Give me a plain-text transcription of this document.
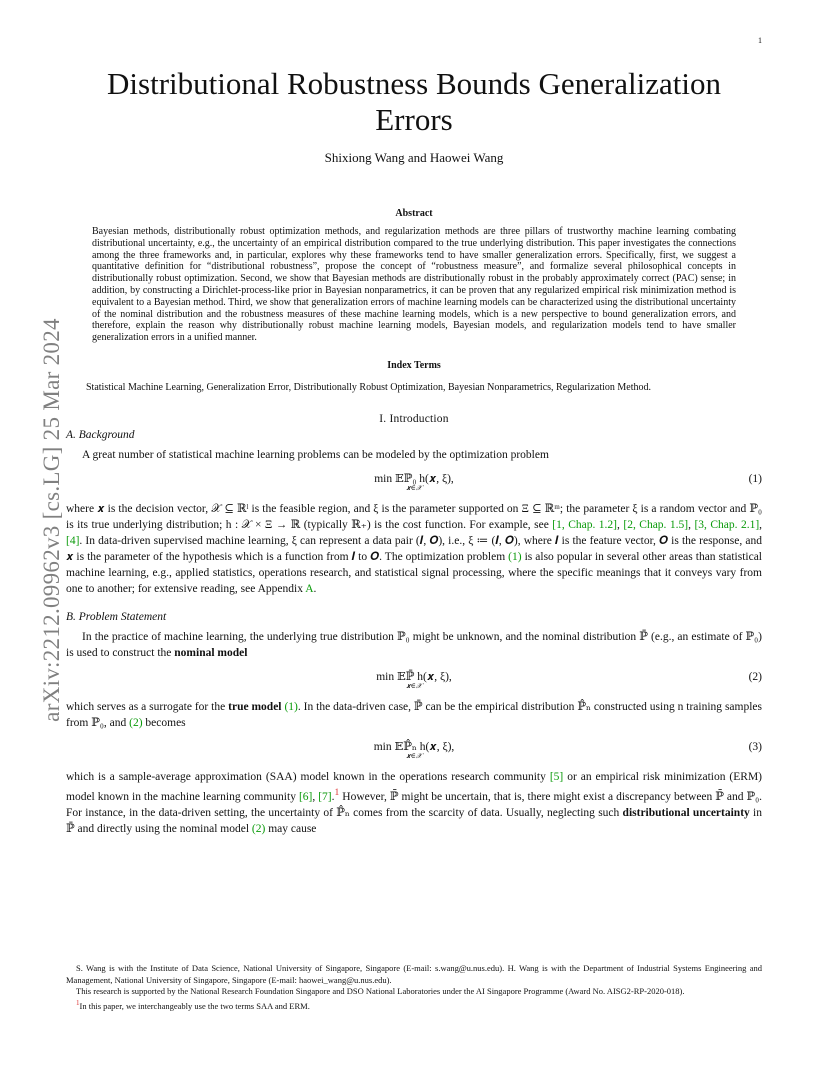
1
arXiv:2212.09962v3 [cs.LG] 25 Mar 2024
Distributional Robustness Bounds Generalization Errors
Shixiong Wang and Haowei Wang
Abstract
Bayesian methods, distributionally robust optimization methods, and regularization methods are three pillars of trustworthy machine learning combating distributional uncertainty, e.g., the uncertainty of an empirical distribution compared to the true underlying distribution. This paper investigates the connections among the three frameworks and, in particular, explores why these frameworks tend to have smaller generalization errors. Specifically, first, we suggest a quantitative definition for “distributional robustness”, propose the concept of “robustness measure”, and formalize several philosophical concepts in distributionally robust optimization. Second, we show that Bayesian methods are distributionally robust in the probably approximately correct (PAC) sense; in addition, by constructing a Dirichlet-process-like prior in Bayesian nonparametrics, it can be proven that any regularized empirical risk minimization method is equivalent to a Bayesian method. Third, we show that generalization errors of machine learning models can be characterized using the distributional uncertainty of the nominal distribution and the robustness measures of these machine learning models, which is a new perspective to bound generalization errors, and therefore, explain the reason why distributionally robust machine learning models, Bayesian models, and regularization models tend to have smaller generalization errors in a unified manner.
Index Terms
Statistical Machine Learning, Generalization Error, Distributionally Robust Optimization, Bayesian Nonparametrics, Regularization Method.
I. Introduction
A. Background

A great number of statistical machine learning problems can be modeled by the optimization problem

min 𝔼ℙ₀ h(𝒙, ξ),
𝒙∈𝒳
(1)

where 𝒙 is the decision vector, 𝒳 ⊆ ℝˡ is the feasible region, and ξ is the parameter supported on Ξ ⊆ ℝᵐ; the parameter ξ is a random vector and ℙ₀ is its true underlying distribution; h : 𝒳 × Ξ → ℝ (typically ℝ₊) is the cost function. For example, see [1, Chap. 1.2], [2, Chap. 1.5], [3, Chap. 2.1], [4]. In data-driven supervised machine learning, ξ can represent a data pair (𝑰, 𝑶), i.e., ξ ≔ (𝑰, 𝑶), where 𝑰 is the feature vector, 𝑶 is the response, and 𝒙 is the parameter of the hypothesis which is a function from 𝑰 to 𝑶. The optimization problem (1) is also popular in several other areas than statistical machine learning, e.g., applied statistics, operations research, and statistical signal processing, where the specific meanings that it conveys vary from one to another; for extensive reading, see Appendix A.

B. Problem Statement

In the practice of machine learning, the underlying true distribution ℙ₀ might be unknown, and the nominal distribution ℙ̄ (e.g., an estimate of ℙ₀) is used to construct the nominal model

min 𝔼ℙ̄ h(𝒙, ξ),
𝒙∈𝒳
(2)

which serves as a surrogate for the true model (1). In the data-driven case, ℙ̄ can be the empirical distribution ℙ̂ₙ constructed using n training samples from ℙ₀, and (2) becomes

min 𝔼ℙ̂ₙ h(𝒙, ξ),
𝒙∈𝒳
(3)

which is a sample-average approximation (SAA) model known in the operations research community [5] or an empirical risk minimization (ERM) model known in the machine learning community [6], [7].$^1$ However, ℙ̄ might be uncertain, that is, there might exist a discrepancy between ℙ̄ and ℙ₀. For instance, in the data-driven setting, the uncertainty of ℙ̂ₙ comes from the scarcity of data. Usually, neglecting such distributional uncertainty in ℙ̄ and directly using the nominal model (2) may cause

S. Wang is with the Institute of Data Science, National University of Singapore, Singapore (E-mail: s.wang@u.nus.edu). H. Wang is with the Department of Industrial Systems Engineering and Management, National University of Singapore, Singapore (E-mail: haowei_wang@u.nus.edu).

This research is supported by the National Research Foundation Singapore and DSO National Laboratories under the AI Singapore Programme (Award No. AISG2-RP-2020-018).

$^1$In this paper, we interchangeably use the two terms SAA and ERM.
